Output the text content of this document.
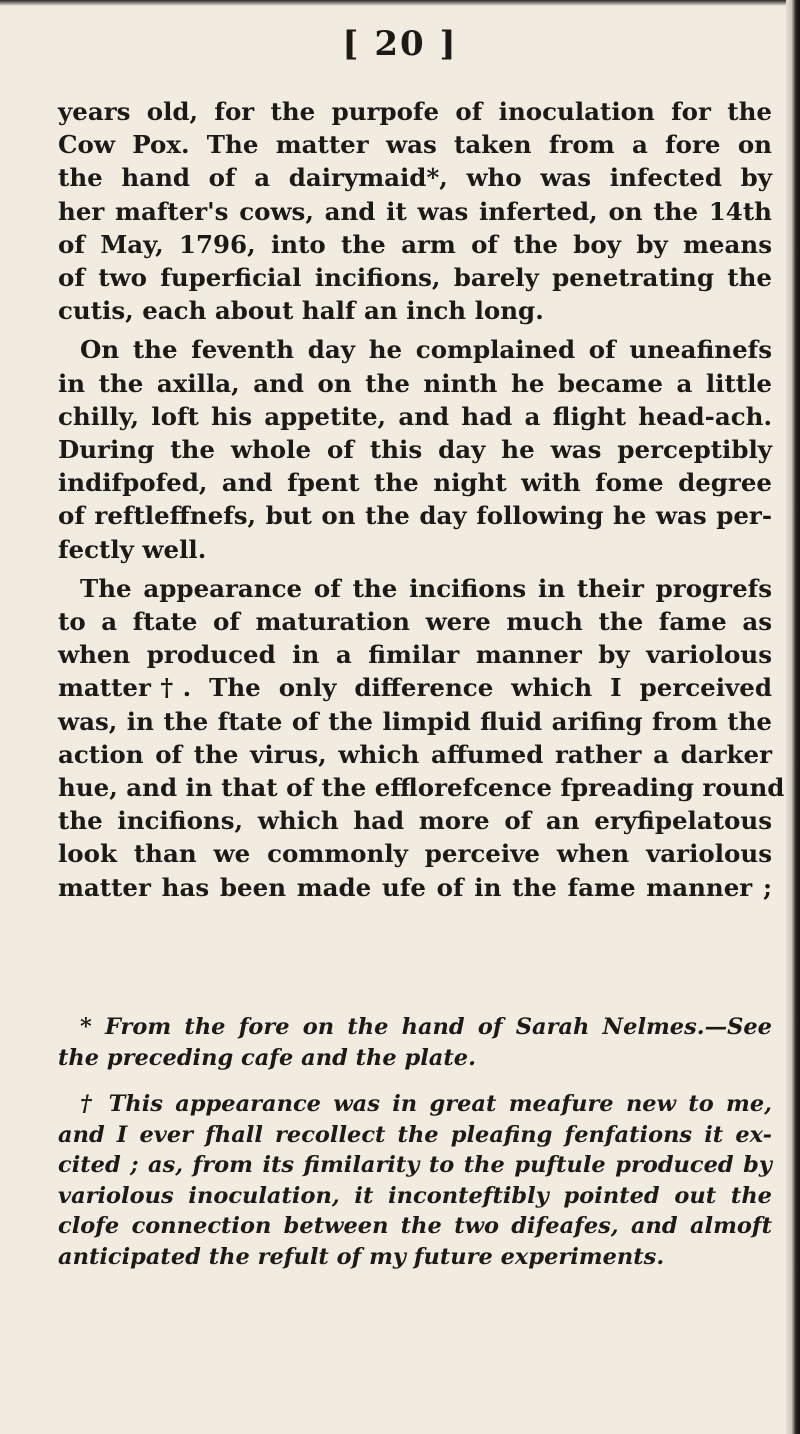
[ 20 ]
years old, for the purpofe of inoculation for the
Cow Pox. The matter was taken from a fore on
the hand of a dairymaid*, who was infected by
her mafter's cows, and it was inferted, on the 14th
of May, 1796, into the arm of the boy by means
of two fuperficial incifions, barely penetrating the
cutis, each about half an inch long.
On the feventh day he complained of uneafinefs
in the axilla, and on the ninth he became a little
chilly, loft his appetite, and had a flight head-ach.
During the whole of this day he was perceptibly
indifpofed, and fpent the night with fome degree
of reftleffnefs, but on the day following he was per-
fectly well.
The appearance of the incifions in their progrefs
to a ftate of maturation were much the fame as
when produced in a fimilar manner by variolous
matter†. The only difference which I perceived
was, in the ftate of the limpid fluid arifing from the
action of the virus, which affumed rather a darker
hue, and in that of the efflorefcence fpreading round
the incifions, which had more of an eryfipelatous
look than we commonly perceive when variolous
matter has been made ufe of in the fame manner ;
* From the fore on the hand of Sarah Nelmes.—See
the preceding cafe and the plate.
† This appearance was in great meafure new to me,
and I ever fhall recollect the pleafing fenfations it ex-
cited ; as, from its fimilarity to the puftule produced by
variolous inoculation, it inconteftibly pointed out the
clofe connection between the two difeafes, and almoft
anticipated the refult of my future experiments.
